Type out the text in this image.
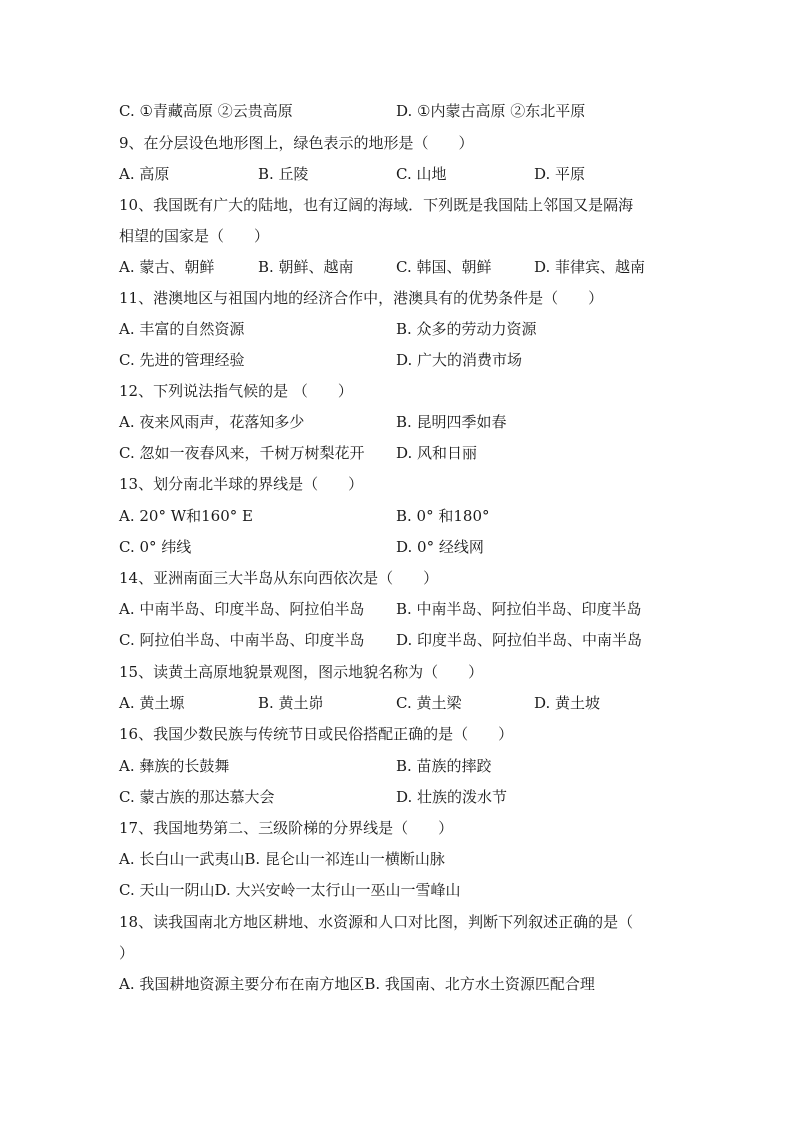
C. ①青藏高原 ②云贵高原	D. ①内蒙古高原 ②东北平原
9、在分层设色地形图上，绿色表示的地形是（　　）
A. 高原	B. 丘陵	C. 山地	D. 平原
10、我国既有广大的陆地，也有辽阔的海域．下列既是我国陆上邻国又是隔海
相望的国家是（　　）
A. 蒙古、朝鲜	B. 朝鲜、越南	C. 韩国、朝鲜	D. 菲律宾、越南
11、港澳地区与祖国内地的经济合作中，港澳具有的优势条件是（　　）
A. 丰富的自然资源	B. 众多的劳动力资源
C. 先进的管理经验	D. 广大的消费市场
12、下列说法指气候的是 （　　）
A. 夜来风雨声，花落知多少	B. 昆明四季如春
C. 忽如一夜春风来，千树万树梨花开 D. 风和日丽
13、划分南北半球的界线是（　　）
A. 20° W和160° E	B. 0° 和180°
C. 0° 纬线	D. 0° 经线网
14、亚洲南面三大半岛从东向西依次是（　　）
A. 中南半岛、印度半岛、阿拉伯半岛 B. 中南半岛、阿拉伯半岛、印度半岛
C. 阿拉伯半岛、中南半岛、印度半岛 D. 印度半岛、阿拉伯半岛、中南半岛
15、读黄土高原地貌景观图，图示地貌名称为（　　）
A. 黄土塬	B. 黄土峁	C. 黄土梁	D. 黄土坡
16、我国少数民族与传统节日或民俗搭配正确的是（　　）
A. 彝族的长鼓舞	B. 苗族的摔跤
C. 蒙古族的那达慕大会	D. 壮族的泼水节
17、我国地势第二、三级阶梯的分界线是（　　）
A. 长白山一武夷山B. 昆仑山一祁连山一横断山脉
C. 天山一阴山D. 大兴安岭一太行山一巫山一雪峰山
18、读我国南北方地区耕地、水资源和人口对比图，判断下列叙述正确的是（
）
A. 我国耕地资源主要分布在南方地区B. 我国南、北方水土资源匹配合理
